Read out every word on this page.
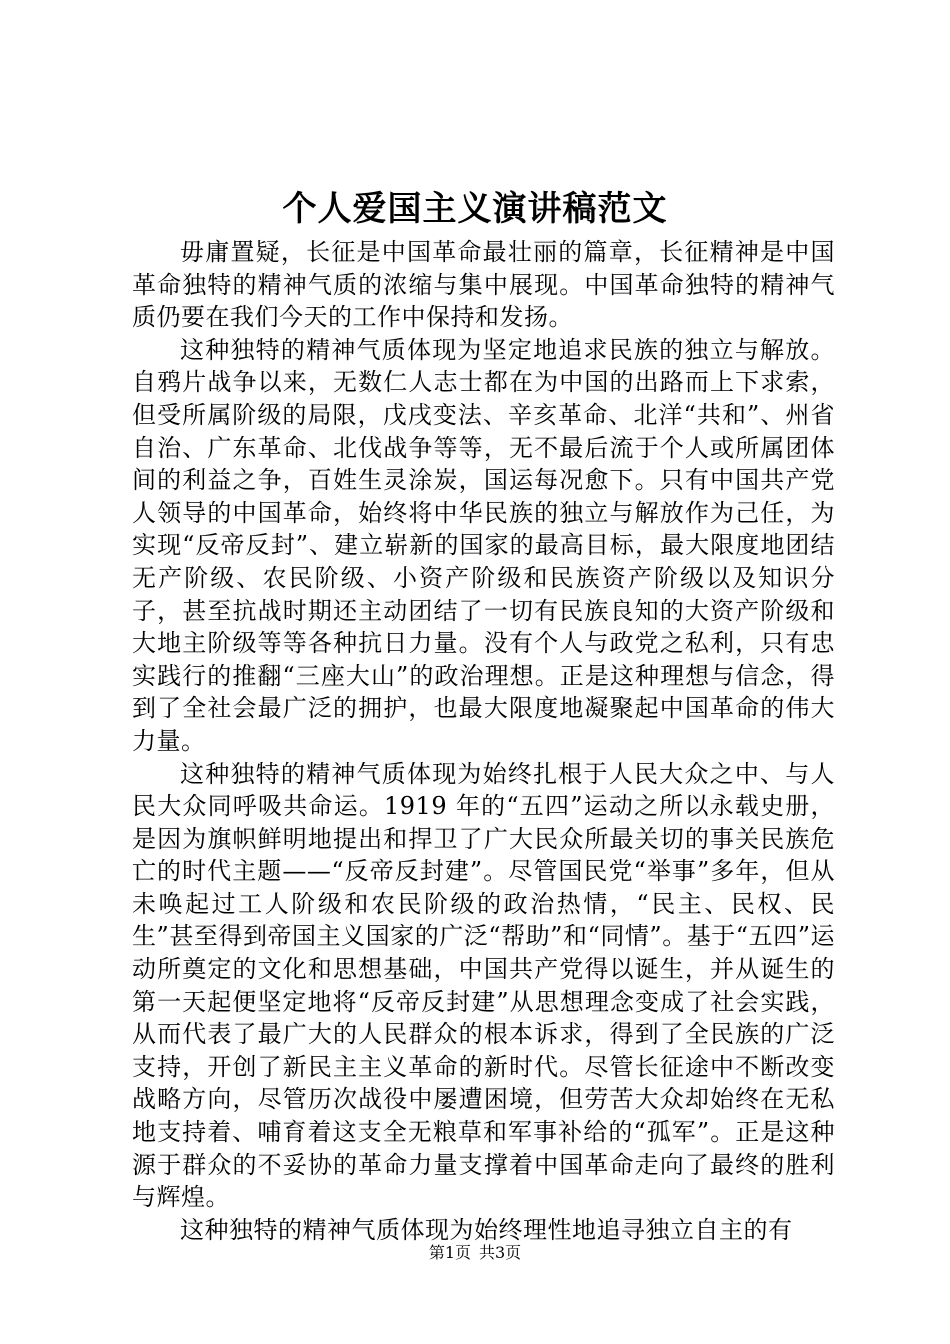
个人爱国主义演讲稿范文

毋庸置疑，长征是中国革命最壮丽的篇章，长征精神是中国革命独特的精神气质的浓缩与集中展现。中国革命独特的精神气质仍要在我们今天的工作中保持和发扬。

这种独特的精神气质体现为坚定地追求民族的独立与解放。自鸦片战争以来，无数仁人志士都在为中国的出路而上下求索，但受所属阶级的局限，戊戌变法、辛亥革命、北洋“共和”、州省自治、广东革命、北伐战争等等，无不最后流于个人或所属团体间的利益之争，百姓生灵涂炭，国运每况愈下。只有中国共产党人领导的中国革命，始终将中华民族的独立与解放作为己任，为实现“反帝反封”、建立崭新的国家的最高目标，最大限度地团结无产阶级、农民阶级、小资产阶级和民族资产阶级以及知识分子，甚至抗战时期还主动团结了一切有民族良知的大资产阶级和大地主阶级等等各种抗日力量。没有个人与政党之私利，只有忠实践行的推翻“三座大山”的政治理想。正是这种理想与信念，得到了全社会最广泛的拥护，也最大限度地凝聚起中国革命的伟大力量。

这种独特的精神气质体现为始终扎根于人民大众之中、与人民大众同呼吸共命运。1919 年的“五四”运动之所以永载史册，是因为旗帜鲜明地提出和捍卫了广大民众所最关切的事关民族危亡的时代主题——“反帝反封建”。尽管国民党“举事”多年，但从未唤起过工人阶级和农民阶级的政治热情，“民主、民权、民生”甚至得到帝国主义国家的广泛“帮助”和“同情”。基于“五四”运动所奠定的文化和思想基础，中国共产党得以诞生，并从诞生的第一天起便坚定地将“反帝反封建”从思想理念变成了社会实践，从而代表了最广大的人民群众的根本诉求，得到了全民族的广泛支持，开创了新民主主义革命的新时代。尽管长征途中不断改变战略方向，尽管历次战役中屡遭困境，但劳苦大众却始终在无私地支持着、哺育着这支全无粮草和军事补给的“孤军”。正是这种源于群众的不妥协的革命力量支撑着中国革命走向了最终的胜利与辉煌。

这种独特的精神气质体现为始终理性地追寻独立自主的有

第1页 共3页
